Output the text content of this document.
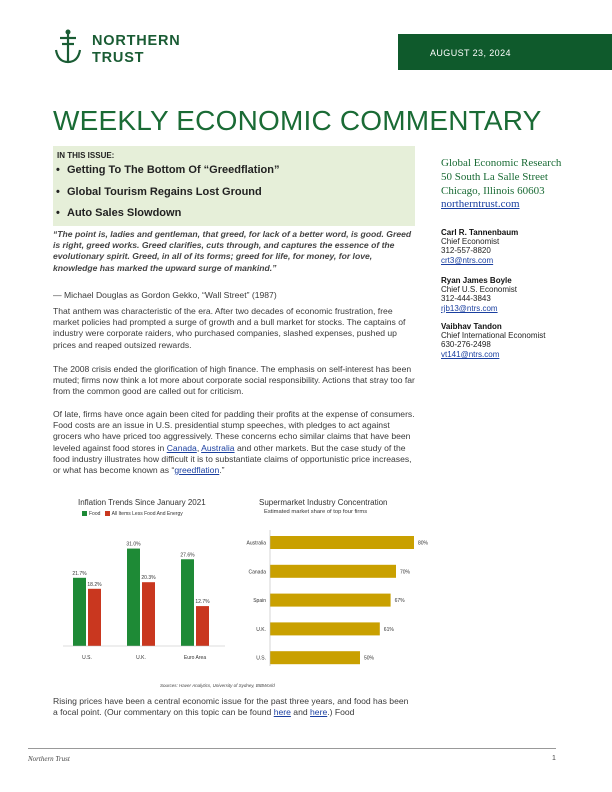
NORTHERN
TRUST	AUGUST 23, 2024
WEEKLY ECONOMIC COMMENTARY
IN THIS ISSUE:
• Getting To The Bottom Of “Greedflation”
• Global Tourism Regains Lost Ground
• Auto Sales Slowdown
Global Economic Research
50 South La Salle Street
Chicago, Illinois 60603
northerntrust.com
Carl R. Tannenbaum
Chief Economist
312-557-8820
crt3@ntrs.com
Ryan James Boyle
Chief U.S. Economist
312-444-3843
rjb13@ntrs.com
Vaibhav Tandon
Chief International Economist
630-276-2498
vt141@ntrs.com
“The point is, ladies and gentleman, that greed, for lack of a better word, is good. Greed is right, greed works. Greed clarifies, cuts through, and captures the essence of the evolutionary spirit. Greed, in all of its forms; greed for life, for money, for love, knowledge has marked the upward surge of mankind.”
— Michael Douglas as Gordon Gekko, “Wall Street” (1987)
That anthem was characteristic of the era. After two decades of economic frustration, free market policies had prompted a surge of growth and a bull market for stocks. The captains of industry were corporate raiders, who purchased companies, slashed expenses, pushed up prices and reaped outsized rewards.
The 2008 crisis ended the glorification of high finance. The emphasis on self-interest has been muted; firms now think a lot more about corporate social responsibility. Actions that stray too far from the common good are called out for criticism.
Of late, firms have once again been cited for padding their profits at the expense of consumers. Food costs are an issue in U.S. presidential stump speeches, with pledges to act against grocers who have priced too aggressively. These concerns echo similar claims that have been leveled against food stores in Canada, Australia and other markets. But the case study of the food industry illustrates how difficult it is to substantiate claims of opportunistic price increases, or what has become known as “greedflation.”
Inflation Trends Since January 2021
Food All Items Less Food And Energy
21.7%
18.2%
U.S.
31.0%
20.3%
U.K.
27.6%
12.7%
Euro Area
Supermarket Industry Concentration
Estimated market share of top four firms
80%
Australia
70%
Canada
67%
Spain
61%
U.K.
50%
U.S.
Sources: Haver Analytics, University of Sydney, BIBWorld
Rising prices have been a central economic issue for the past three years, and food has been a focal point. (Our commentary on this topic can be found here and here.) Food
Northern Trust	1
